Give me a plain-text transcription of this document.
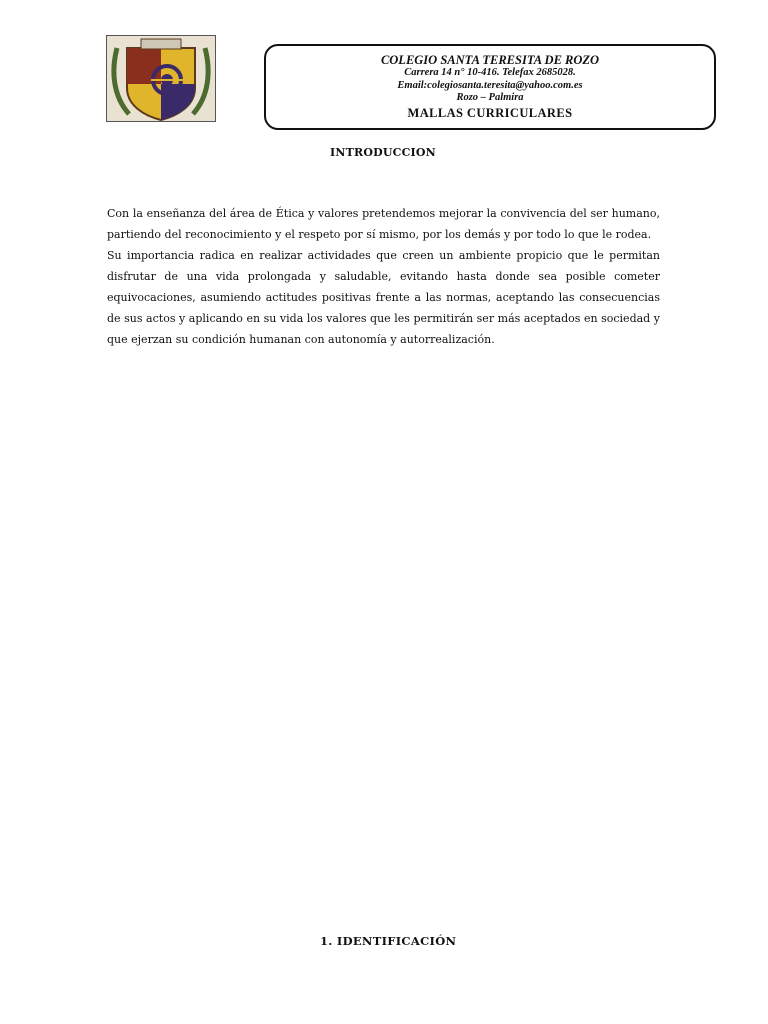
COLEGIO SANTA TERESITA DE ROZO
Carrera 14 n° 10-416. Telefax 2685028.
Email:colegiosanta.teresita@yahoo.com.es
Rozo – Palmira
MALLAS CURRICULARES
INTRODUCCION

Con la enseñanza del área de Ética y valores pretendemos mejorar la convivencia del ser humano, partiendo del reconocimiento y el respeto por sí mismo, por los demás y por todo lo que le rodea.

Su importancia radica en realizar actividades que creen un ambiente propicio que le permitan disfrutar de una vida prolongada y saludable, evitando hasta donde sea posible cometer equivocaciones, asumiendo actitudes positivas frente a las normas, aceptando las consecuencias de sus actos y aplicando en su vida los valores que les permitirán ser más aceptados en sociedad y que ejerzan su condición humanan con autonomía y autorrealización.

1. IDENTIFICACIÓN
